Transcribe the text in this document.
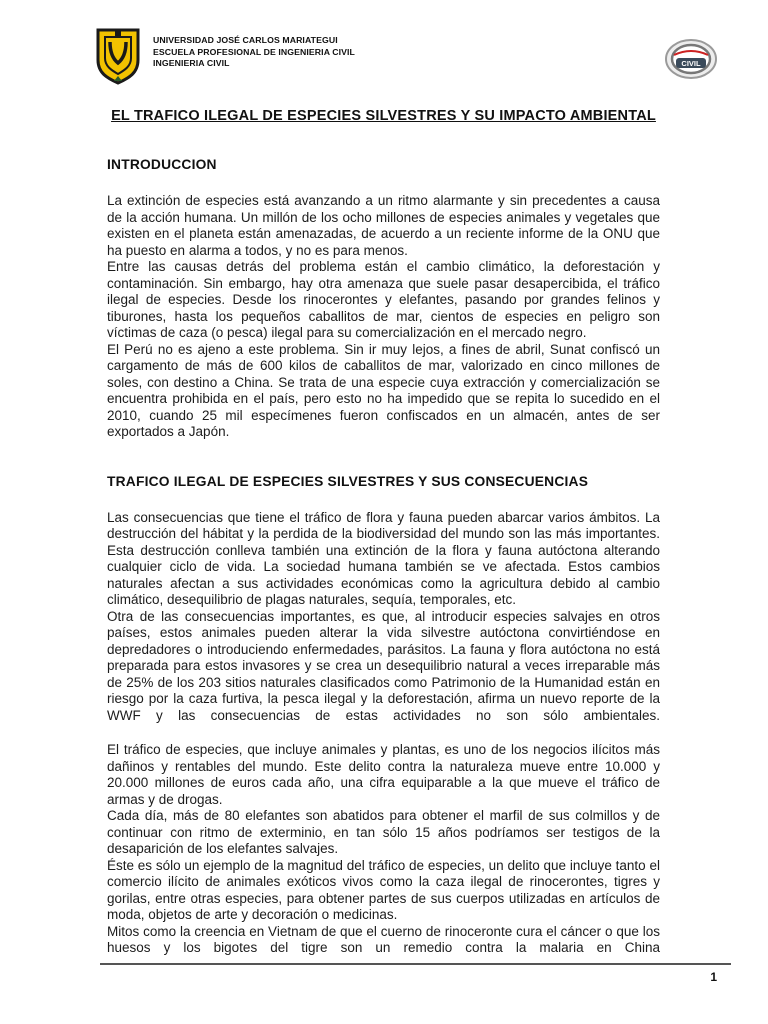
UNIVERSIDAD JOSÉ CARLOS MARIATEGUI
ESCUELA PROFESIONAL DE INGENIERIA CIVIL
INGENIERIA CIVIL	CIVIL
EL TRAFICO ILEGAL DE ESPECIES SILVESTRES Y SU IMPACTO AMBIENTAL
INTRODUCCION

La extinción de especies está avanzando a un ritmo alarmante y sin precedentes a causa de la acción humana. Un millón de los ocho millones de especies animales y vegetales que existen en el planeta están amenazadas, de acuerdo a un reciente informe de la ONU que ha puesto en alarma a todos, y no es para menos.

Entre las causas detrás del problema están el cambio climático, la deforestación y contaminación. Sin embargo, hay otra amenaza que suele pasar desapercibida, el tráfico ilegal de especies. Desde los rinocerontes y elefantes, pasando por grandes felinos y tiburones, hasta los pequeños caballitos de mar, cientos de especies en peligro son víctimas de caza (o pesca) ilegal para su comercialización en el mercado negro.

El Perú no es ajeno a este problema. Sin ir muy lejos, a fines de abril, Sunat confiscó un cargamento de más de 600 kilos de caballitos de mar, valorizado en cinco millones de soles, con destino a China. Se trata de una especie cuya extracción y comercialización se encuentra prohibida en el país, pero esto no ha impedido que se repita lo sucedido en el 2010, cuando 25 mil especímenes fueron confiscados en un almacén, antes de ser exportados a Japón.

TRAFICO ILEGAL DE ESPECIES SILVESTRES Y SUS CONSECUENCIAS

Las consecuencias que tiene el tráfico de flora y fauna pueden abarcar varios ámbitos. La destrucción del hábitat y la perdida de la biodiversidad del mundo son las más importantes. Esta destrucción conlleva también una extinción de la flora y fauna autóctona alterando cualquier ciclo de vida. La sociedad humana también se ve afectada. Estos cambios naturales afectan a sus actividades económicas como la agricultura debido al cambio climático, desequilibrio de plagas naturales, sequía, temporales, etc.

Otra de las consecuencias importantes, es que, al introducir especies salvajes en otros países, estos animales pueden alterar la vida silvestre autóctona convirtiéndose en depredadores o introduciendo enfermedades, parásitos. La fauna y flora autóctona no está preparada para estos invasores y se crea un desequilibrio natural a veces irreparable más de 25% de los 203 sitios naturales clasificados como Patrimonio de la Humanidad están en riesgo por la caza furtiva, la pesca ilegal y la deforestación, afirma un nuevo reporte de la WWF y las consecuencias de estas actividades no son sólo ambientales.

El tráfico de especies, que incluye animales y plantas, es uno de los negocios ilícitos más dañinos y rentables del mundo. Este delito contra la naturaleza mueve entre 10.000 y 20.000 millones de euros cada año, una cifra equiparable a la que mueve el tráfico de armas y de drogas.

Cada día, más de 80 elefantes son abatidos para obtener el marfil de sus colmillos y de continuar con ritmo de exterminio, en tan sólo 15 años podríamos ser testigos de la desaparición de los elefantes salvajes.

Éste es sólo un ejemplo de la magnitud del tráfico de especies, un delito que incluye tanto el comercio ilícito de animales exóticos vivos como la caza ilegal de rinocerontes, tigres y gorilas, entre otras especies, para obtener partes de sus cuerpos utilizadas en artículos de moda, objetos de arte y decoración o medicinas.

Mitos como la creencia en Vietnam de que el cuerno de rinoceronte cura el cáncer o que los huesos y los bigotes del tigre son un remedio contra la malaria en China

1
